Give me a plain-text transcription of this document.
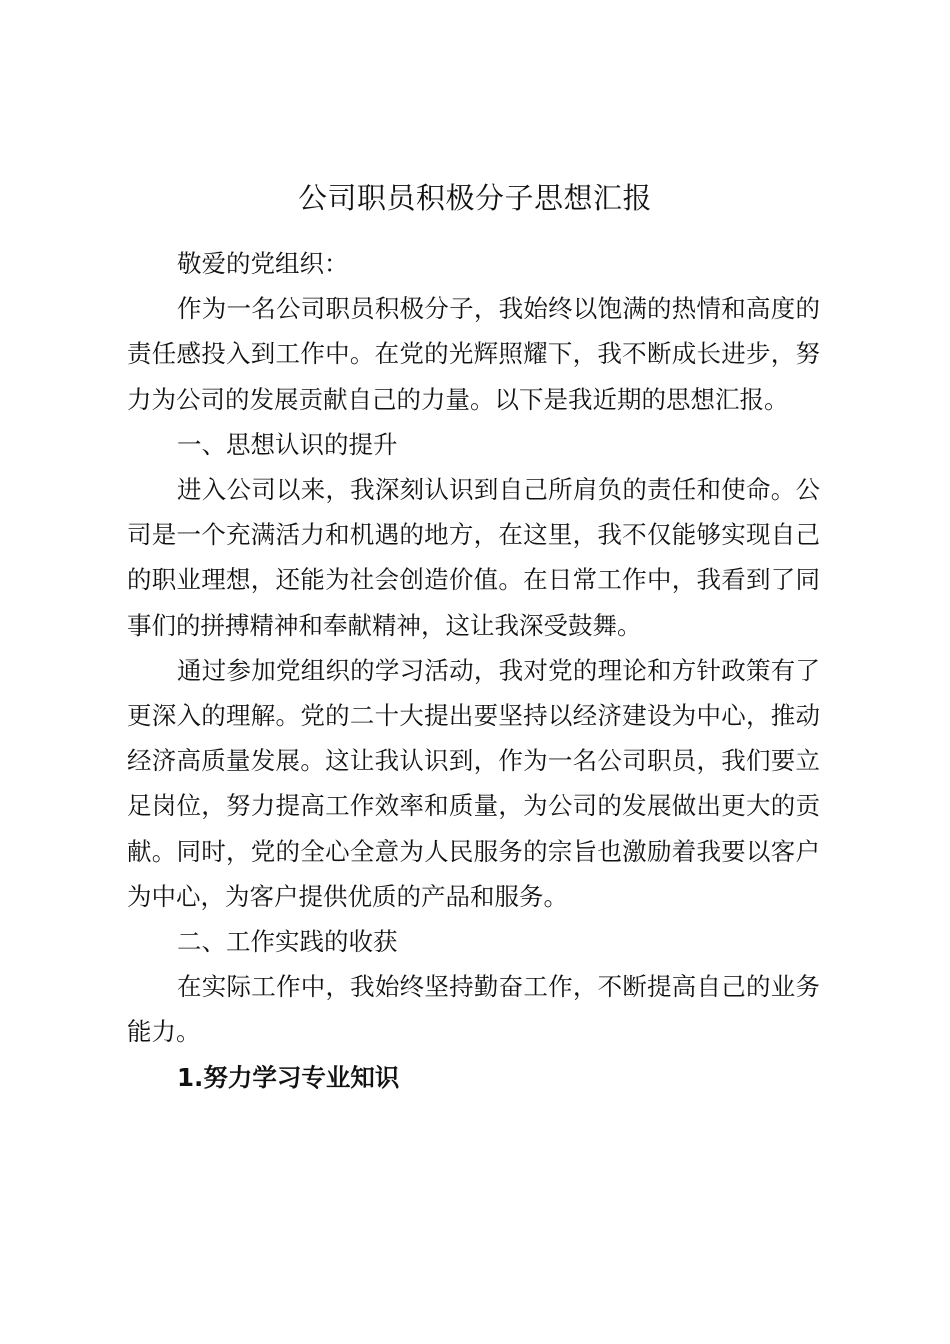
公司职员积极分子思想汇报

敬爱的党组织：

作为一名公司职员积极分子，我始终以饱满的热情和高度的责任感投入到工作中。在党的光辉照耀下，我不断成长进步，努力为公司的发展贡献自己的力量。以下是我近期的思想汇报。

一、思想认识的提升

进入公司以来，我深刻认识到自己所肩负的责任和使命。公司是一个充满活力和机遇的地方，在这里，我不仅能够实现自己的职业理想，还能为社会创造价值。在日常工作中，我看到了同事们的拼搏精神和奉献精神，这让我深受鼓舞。

通过参加党组织的学习活动，我对党的理论和方针政策有了更深入的理解。党的二十大提出要坚持以经济建设为中心，推动经济高质量发展。这让我认识到，作为一名公司职员，我们要立足岗位，努力提高工作效率和质量，为公司的发展做出更大的贡献。同时，党的全心全意为人民服务的宗旨也激励着我要以客户为中心，为客户提供优质的产品和服务。

二、工作实践的收获

在实际工作中，我始终坚持勤奋工作，不断提高自己的业务能力。

1.努力学习专业知识
